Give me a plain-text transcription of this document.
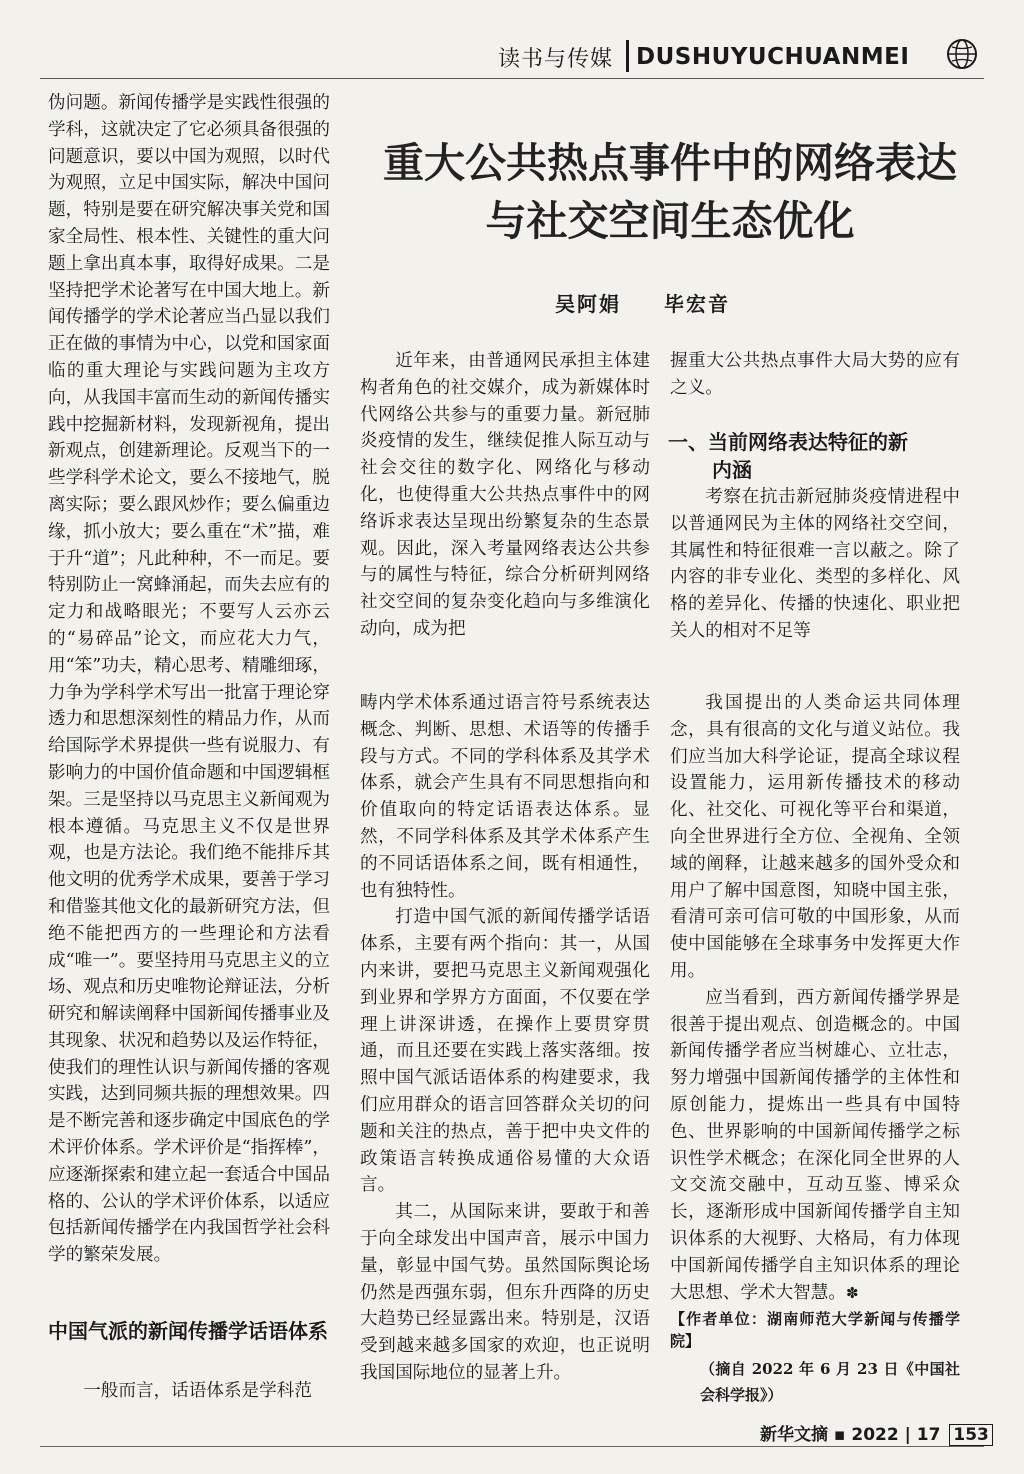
读书与传媒 DUSHUYUCHUANMEI

伪问题。新闻传播学是实践性很强的学科，这就决定了它必须具备很强的问题意识，要以中国为观照，以时代为观照，立足中国实际，解决中国问题，特别是要在研究解决事关党和国家全局性、根本性、关键性的重大问题上拿出真本事，取得好成果。二是坚持把学术论著写在中国大地上。新闻传播学的学术论著应当凸显以我们正在做的事情为中心，以党和国家面临的重大理论与实践问题为主攻方向，从我国丰富而生动的新闻传播实践中挖掘新材料，发现新视角，提出新观点，创建新理论。反观当下的一些学科学术论文，要么不接地气，脱离实际；要么跟风炒作；要么偏重边缘，抓小放大；要么重在“术”描，难于升“道”；凡此种种，不一而足。要特别防止一窝蜂涌起，而失去应有的定力和战略眼光；不要写人云亦云的“易碎品”论文，而应花大力气，用“笨”功夫，精心思考、精雕细琢，力争为学科学术写出一批富于理论穿透力和思想深刻性的精品力作，从而给国际学术界提供一些有说服力、有影响力的中国价值命题和中国逻辑框架。三是坚持以马克思主义新闻观为根本遵循。马克思主义不仅是世界观，也是方法论。我们绝不能排斥其他文明的优秀学术成果，要善于学习和借鉴其他文化的最新研究方法，但绝不能把西方的一些理论和方法看成“唯一”。要坚持用马克思主义的立场、观点和历史唯物论辩证法，分析研究和解读阐释中国新闻传播事业及其现象、状况和趋势以及运作特征，使我们的理性认识与新闻传播的客观实践，达到同频共振的理想效果。四是不断完善和逐步确定中国底色的学术评价体系。学术评价是“指挥棒”，应逐渐探索和建立起一套适合中国品格的、公认的学术评价体系，以适应包括新闻传播学在内我国哲学社会科学的繁荣发展。

中国气派的新闻传播学话语体系

一般而言，话语体系是学科范

重大公共热点事件中的网络表达
与社交空间生态优化
吴阿娟 毕宏音

近年来，由普通网民承担主体建构者角色的社交媒介，成为新媒体时代网络公共参与的重要力量。新冠肺炎疫情的发生，继续促推人际互动与社会交往的数字化、网络化与移动化，也使得重大公共热点事件中的网络诉求表达呈现出纷繁复杂的生态景观。因此，深入考量网络表达公共参与的属性与特征，综合分析研判网络社交空间的复杂变化趋向与多维演化动向，成为把

握重大公共热点事件大局大势的应有之义。

一、当前网络表达特征的新
内涵

考察在抗击新冠肺炎疫情进程中以普通网民为主体的网络社交空间，其属性和特征很难一言以蔽之。除了内容的非专业化、类型的多样化、风格的差异化、传播的快速化、职业把关人的相对不足等

畴内学术体系通过语言符号系统表达概念、判断、思想、术语等的传播手段与方式。不同的学科体系及其学术体系，就会产生具有不同思想指向和价值取向的特定话语表达体系。显然，不同学科体系及其学术体系产生的不同话语体系之间，既有相通性，也有独特性。

打造中国气派的新闻传播学话语体系，主要有两个指向：其一，从国内来讲，要把马克思主义新闻观强化到业界和学界方方面面，不仅要在学理上讲深讲透，在操作上要贯穿贯通，而且还要在实践上落实落细。按照中国气派话语体系的构建要求，我们应用群众的语言回答群众关切的问题和关注的热点，善于把中央文件的政策语言转换成通俗易懂的大众语言。

其二，从国际来讲，要敢于和善于向全球发出中国声音，展示中国力量，彰显中国气势。虽然国际舆论场仍然是西强东弱，但东升西降的历史大趋势已经显露出来。特别是，汉语受到越来越多国家的欢迎，也正说明我国国际地位的显著上升。

我国提出的人类命运共同体理念，具有很高的文化与道义站位。我们应当加大科学论证，提高全球议程设置能力，运用新传播技术的移动化、社交化、可视化等平台和渠道，向全世界进行全方位、全视角、全领域的阐释，让越来越多的国外受众和用户了解中国意图，知晓中国主张，看清可亲可信可敬的中国形象，从而使中国能够在全球事务中发挥更大作用。

应当看到，西方新闻传播学界是很善于提出观点、创造概念的。中国新闻传播学者应当树雄心、立壮志，努力增强中国新闻传播学的主体性和原创能力，提炼出一些具有中国特色、世界影响的中国新闻传播学之标识性学术概念；在深化同全世界的人文交流交融中，互动互鉴、博采众长，逐渐形成中国新闻传播学自主知识体系的大视野、大格局，有力体现中国新闻传播学自主知识体系的理论大思想、学术大智慧。✽

【作者单位：湖南师范大学新闻与传播学院】

（摘自 2022 年 6 月 23 日《中国社会科学报》）

新华文摘 ▪ 2022 | 17 153
